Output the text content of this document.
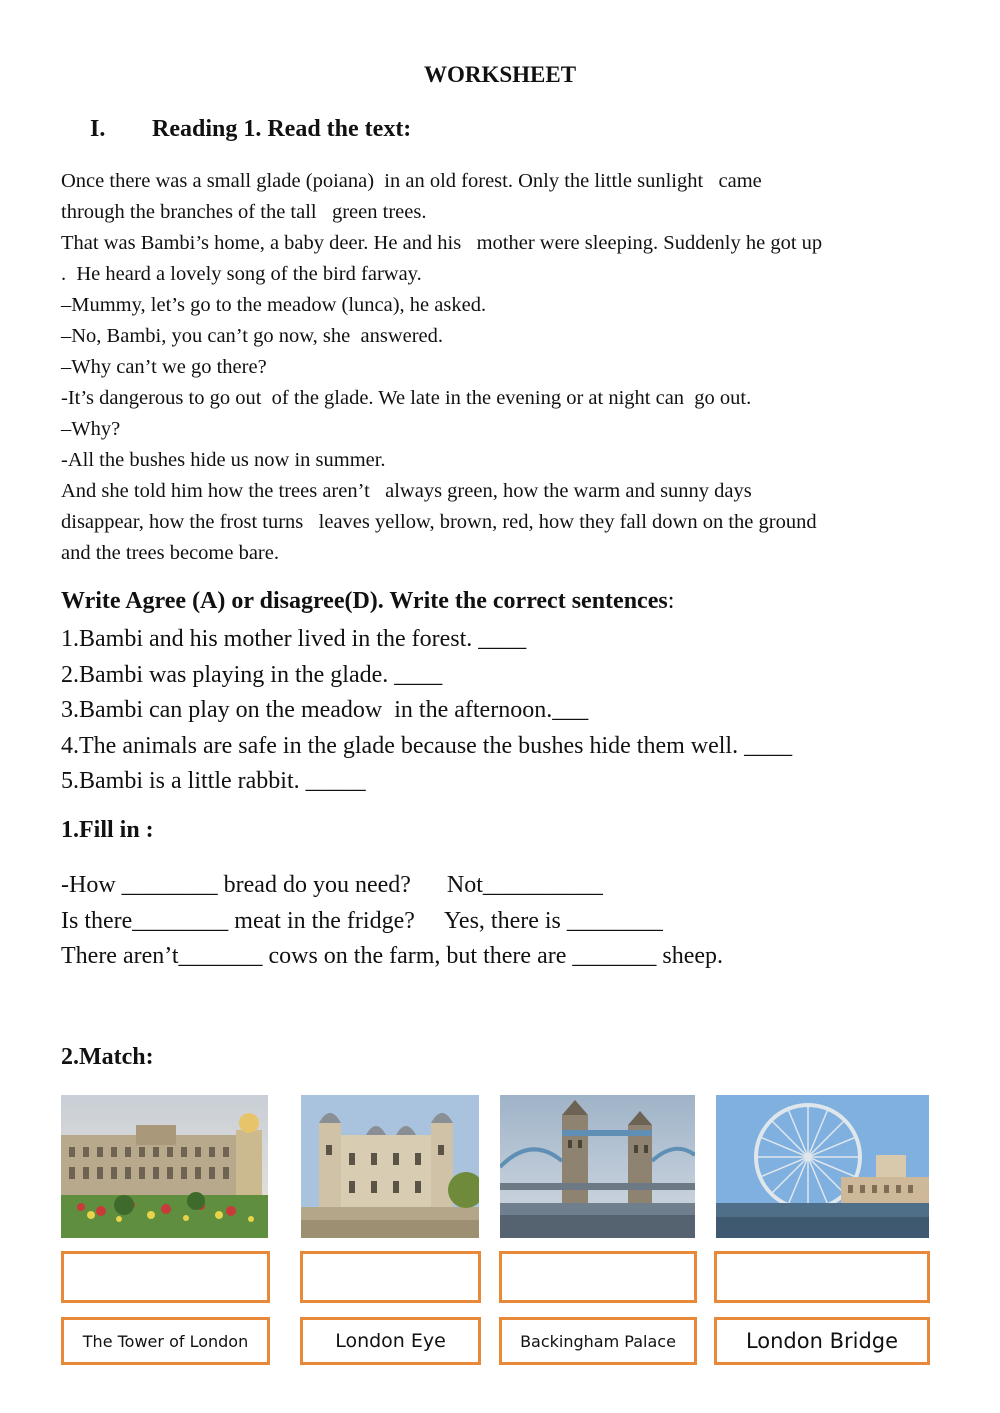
WORKSHEET
I. Reading 1. Read the text:
Once there was a small glade (poiana)  in an old forest. Only the little sunlight   came
through the branches of the tall   green trees.
That was Bambi’s home, a baby deer. He and his   mother were sleeping. Suddenly he got up
.  He heard a lovely song of the bird farway.
–Mummy, let’s go to the meadow (lunca), he asked.
–No, Bambi, you can’t go now, she  answered.
–Why can’t we go there?
-It’s dangerous to go out  of the glade. We late in the evening or at night can  go out.
–Why?
-All the bushes hide us now in summer.
And she told him how the trees aren’t   always green, how the warm and sunny days
disappear, how the frost turns   leaves yellow, brown, red, how they fall down on the ground
and the trees become bare.
Write Agree (A) or disagree(D). Write the correct sentences:
1.Bambi and his mother lived in the forest. ____
2.Bambi was playing in the glade. ____
3.Bambi can play on the meadow  in the afternoon.___
4.The animals are safe in the glade because the bushes hide them well. ____
5.Bambi is a little rabbit. _____
1.Fill in :
-How ________ bread do you need?      Not__________
Is there________ meat in the fridge?     Yes, there is ________
There aren’t_______ cows on the farm, but there are _______ sheep.
2.Match:
The Tower of London	London Eye	Backingham Palace	London Bridge
